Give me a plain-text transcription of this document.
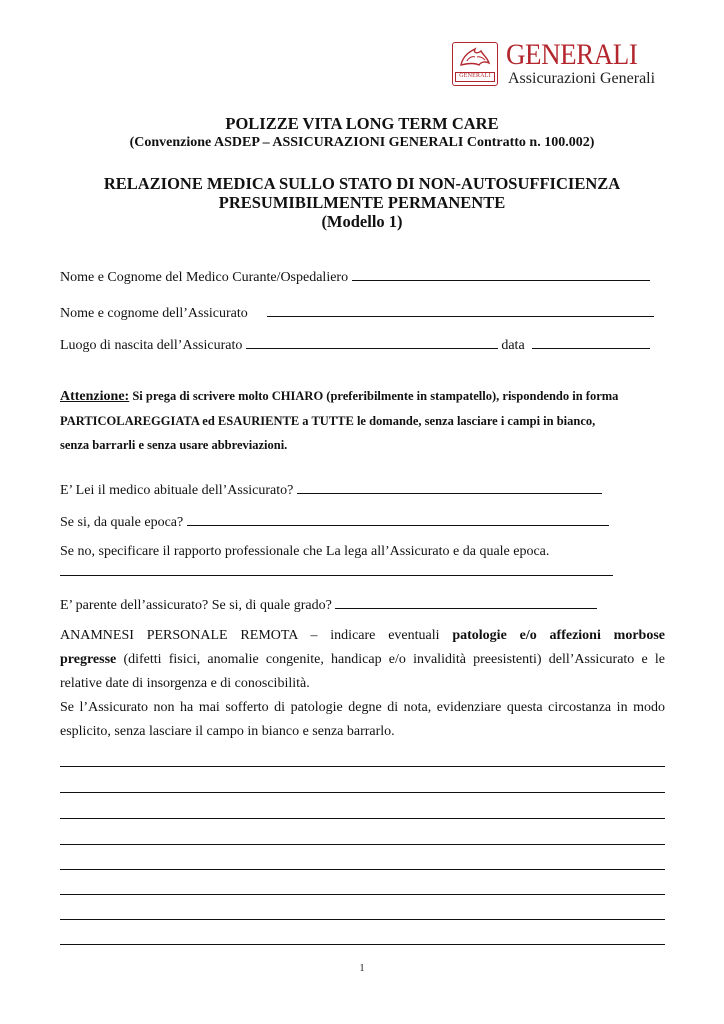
GENERALI
GENERALI
Assicurazioni Generali
POLIZZE VITA LONG TERM CARE
(Convenzione ASDEP – ASSICURAZIONI GENERALI Contratto n. 100.002)
RELAZIONE MEDICA SULLO STATO DI NON-AUTOSUFFICIENZA
PRESUMIBILMENTE PERMANENTE
(Modello 1)
Nome e Cognome del Medico Curante/Ospedaliero
Nome e cognome dell’Assicurato
Luogo di nascita dell’Assicurato	data
Attenzione: Si prega di scrivere molto CHIARO (preferibilmente in stampatello), rispondendo in forma
PARTICOLAREGGIATA ed ESAURIENTE a TUTTE le domande, senza lasciare i campi in bianco,
senza barrarli e senza usare abbreviazioni.
E’ Lei il medico abituale dell’Assicurato?
Se si, da quale epoca?
Se no, specificare il rapporto professionale che La lega all’Assicurato e da quale epoca.
E’ parente dell’assicurato? Se si, di quale grado?
ANAMNESI PERSONALE REMOTA – indicare eventuali patologie e/o affezioni morbose
pregresse (difetti fisici, anomalie congenite, handicap e/o invalidità preesistenti) dell’Assicurato e le
relative date di insorgenza e di conoscibilità.
Se l’Assicurato non ha mai sofferto di patologie degne di nota, evidenziare questa circostanza in modo
esplicito, senza lasciare il campo in bianco e senza barrarlo.
1
